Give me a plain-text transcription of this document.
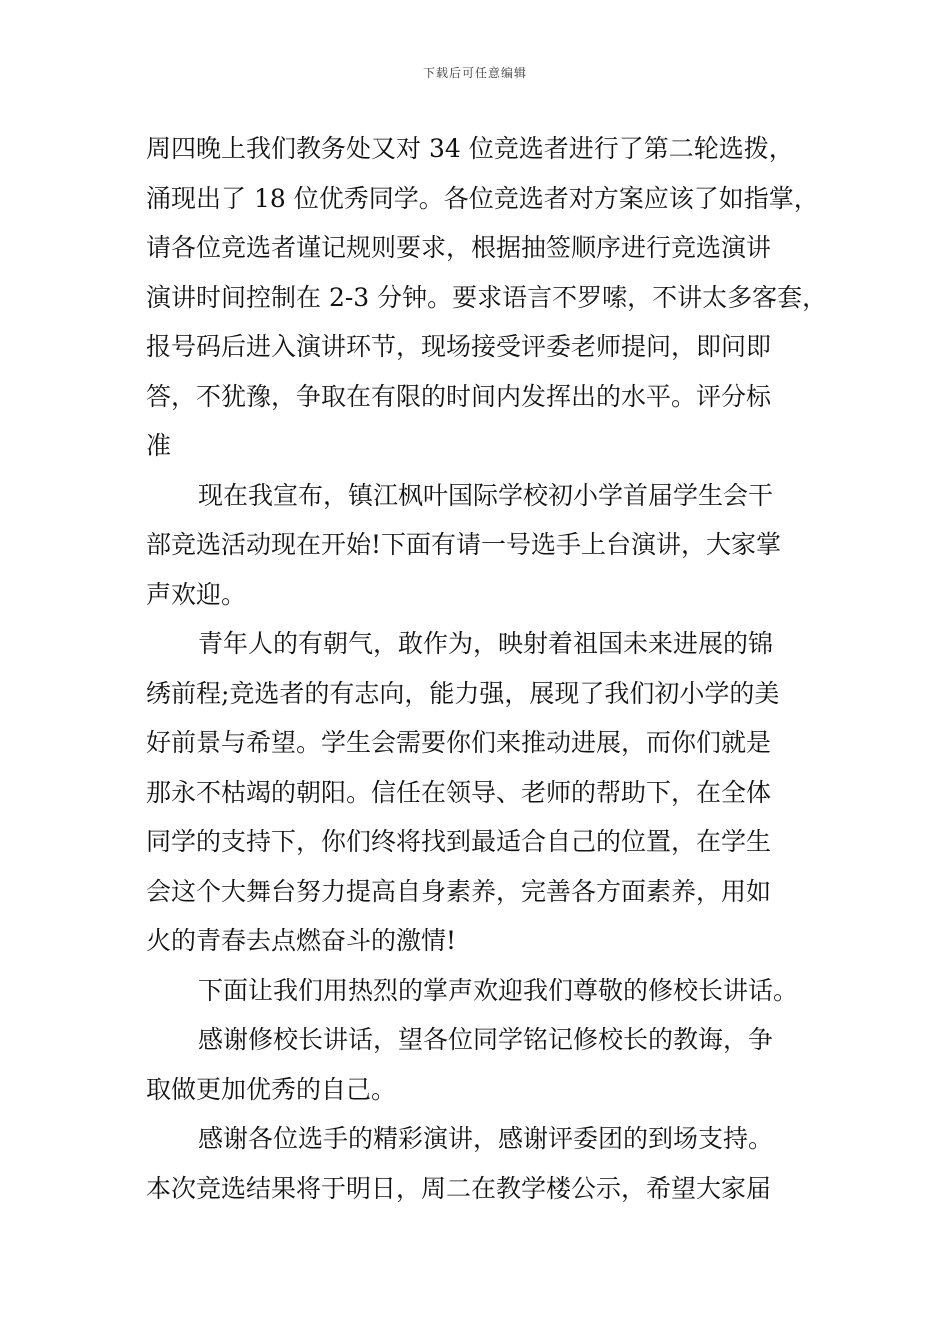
下载后可任意编辑
周四晚上我们教务处又对 34 位竞选者进行了第二轮选拨，
涌现出了 18 位优秀同学。各位竞选者对方案应该了如指掌，
请各位竞选者谨记规则要求，根据抽签顺序进行竞选演讲
演讲时间控制在 2-3 分钟。要求语言不罗嗦，不讲太多客套，
报号码后进入演讲环节，现场接受评委老师提问，即问即
答，不犹豫，争取在有限的时间内发挥出的水平。评分标
准
现在我宣布，镇江枫叶国际学校初小学首届学生会干
部竞选活动现在开始!下面有请一号选手上台演讲，大家掌
声欢迎。
青年人的有朝气，敢作为，映射着祖国未来进展的锦
绣前程;竞选者的有志向，能力强，展现了我们初小学的美
好前景与希望。学生会需要你们来推动进展，而你们就是
那永不枯竭的朝阳。信任在领导、老师的帮助下，在全体
同学的支持下，你们终将找到最适合自己的位置，在学生
会这个大舞台努力提高自身素养，完善各方面素养，用如
火的青春去点燃奋斗的激情!
下面让我们用热烈的掌声欢迎我们尊敬的修校长讲话。
感谢修校长讲话，望各位同学铭记修校长的教诲，争
取做更加优秀的自己。
感谢各位选手的精彩演讲，感谢评委团的到场支持。
本次竞选结果将于明日，周二在教学楼公示，希望大家届
